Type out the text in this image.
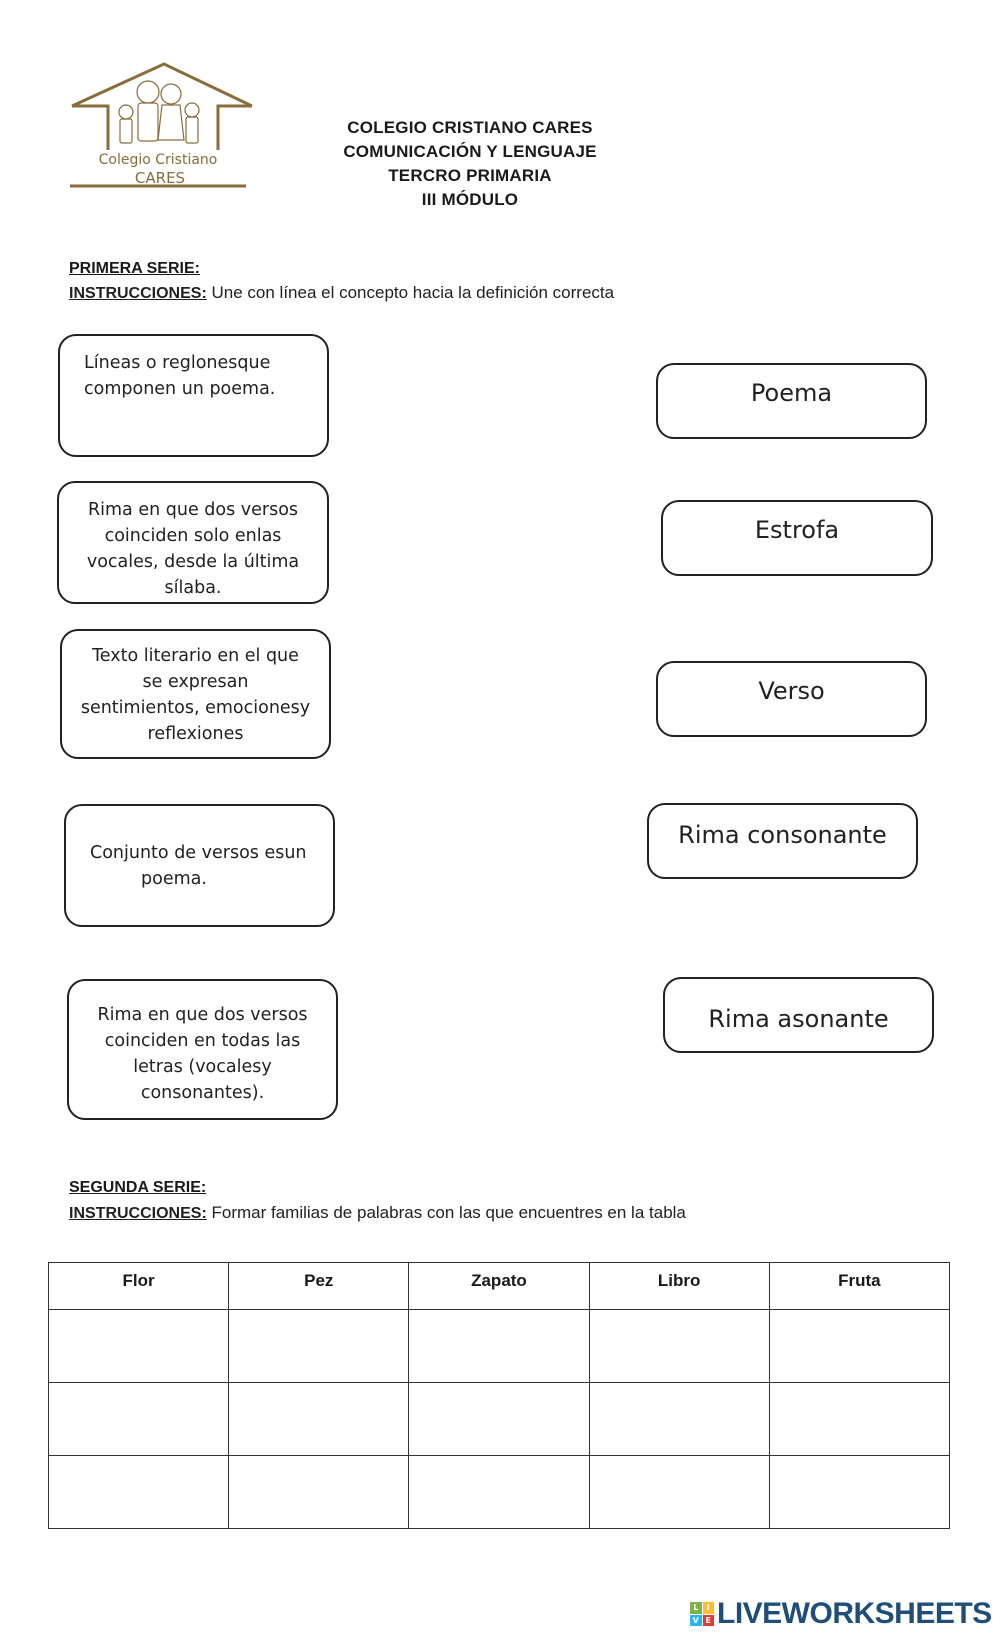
Colegio Cristiano
CARES
COLEGIO CRISTIANO CARES
COMUNICACIÓN Y LENGUAJE
TERCRO PRIMARIA
III MÓDULO
PRIMERA SERIE:
INSTRUCCIONES: Une con línea el concepto hacia la definición correcta
Líneas o reglonesque
componen un poema.
Rima en que dos versos
coinciden solo enlas
vocales, desde la última
sílaba.
Texto literario en el que
se expresan
sentimientos, emocionesy
reflexiones
Conjunto de versos esun
poema.
Rima en que dos versos
coinciden en todas las
letras (vocalesy
consonantes).
Poema
Estrofa
Verso
Rima consonante
Rima asonante
SEGUNDA SERIE:
INSTRUCCIONES: Formar familias de palabras con las que encuentres en la tabla
Flor	Pez	Zapato	Libro	Fruta

L	I
V E LIVEWORKSHEETS
